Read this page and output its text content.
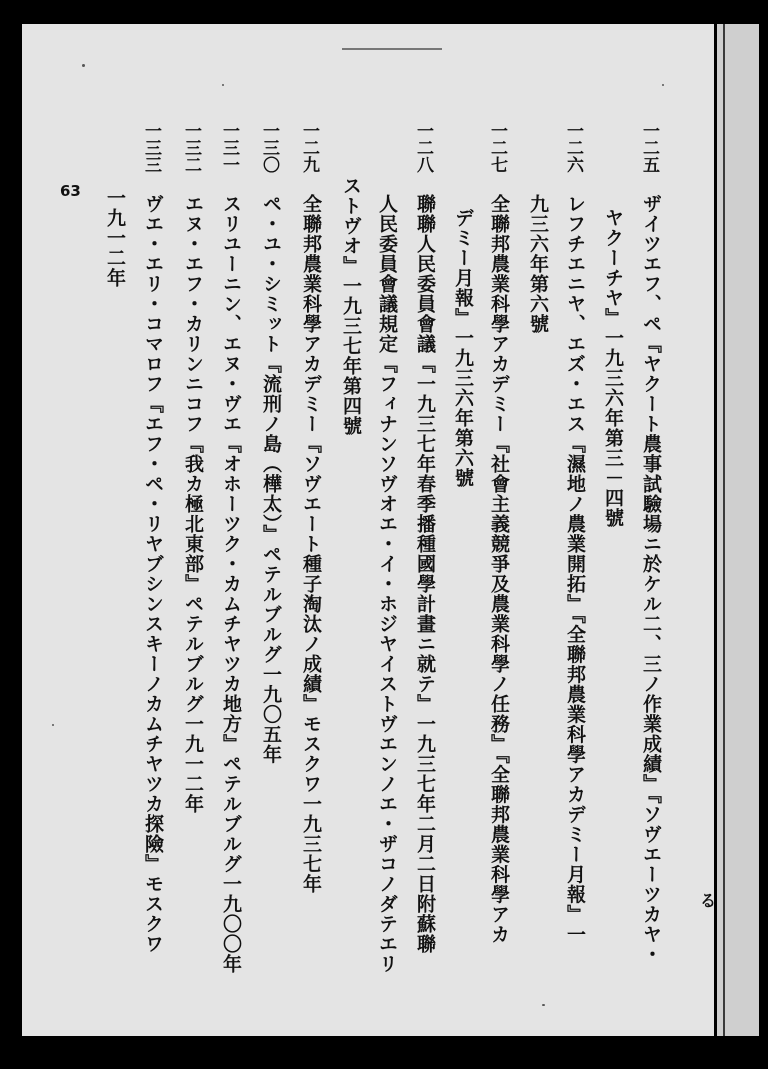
63
一二五
ザイツエフ、ペ『ヤクート農事試驗場ニ於ケル二、三ノ作業成績』『ソヴエーツカヤ・
ヤクーチヤ』一九三六年第三－四號
一二六
レフチエニヤ、エズ・エス『濕地ノ農業開拓』『全聯邦農業科學アカデミー月報』一
九三六年第六號
一二七
全聯邦農業科學アカデミー『社會主義競爭及農業科學ノ任務』『全聯邦農業科學アカ
デミー月報』一九三六年第六號
一二八
聯聯人民委員會議『一九三七年春季播種國學計畫ニ就テ』一九三七年二月二日附蘇聯
人民委員會議規定『フィナンソヴオエ・イ・ホジヤイストヴエンノエ・ザコノダテエリ
ストヴオ』一九三七年第四號
一二九
全聯邦農業科學アカデミー『ソヴエート種子淘汰ノ成績』モスクワ一九三七年
一三〇
ペ・ユ・シミット『流刑ノ島（樺太）』ペテルブルグ一九〇五年
一三一
スリユーニン、エヌ・ヴエ『オホーツク・カムチヤツカ地方』ペテルブルグ一九〇〇年
一三二
エヌ・エフ・カリンニコフ『我カ極北東部』ペテルブルグ一九一二年
一三三
ヴエ・エリ・コマロフ『エフ・ペ・リヤブシンスキーノカムチヤツカ探險』モスクワ
一九一二年
る
